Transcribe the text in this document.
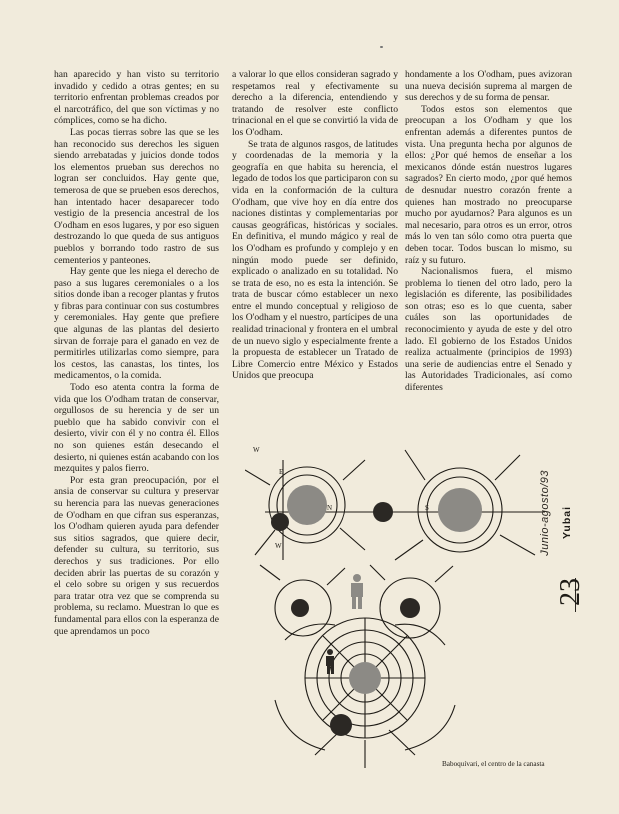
han aparecido y han visto su territorio invadido y cedido a otras gentes; en su territorio enfrentan problemas creados por el narcotráfico, del que son víctimas y no cómplices, como se ha dicho.

Las pocas tierras sobre las que se les han reconocido sus derechos les siguen siendo arrebatadas y juicios donde todos los elementos prueban sus derechos no logran ser concluidos. Hay gente que, temerosa de que se prueben esos derechos, han intentado hacer desaparecer todo vestigio de la presencia ancestral de los O'odham en esos lugares, y por eso siguen destrozando lo que queda de sus antiguos pueblos y borrando todo rastro de sus cementerios y panteones.

Hay gente que les niega el derecho de paso a sus lugares ceremoniales o a los sitios donde iban a recoger plantas y frutos y fibras para continuar con sus costumbres y ceremoniales. Hay gente que prefiere que algunas de las plantas del desierto sirvan de forraje para el ganado en vez de permitirles utilizarlas como siempre, para los cestos, las canastas, los tintes, los medicamentos, o la comida.

Todo eso atenta contra la forma de vida que los O'odham tratan de conservar, orgullosos de su herencia y de ser un pueblo que ha sabido convivir con el desierto, vivir con él y no contra él. Ellos no son quienes están desecando el desierto, ni quienes están acabando con los mezquites y palos fierro.

Por esta gran preocupación, por el ansia de conservar su cultura y preservar su herencia para las nuevas generaciones de O'odham en que cifran sus esperanzas, los O'odham quieren ayuda para defender sus sitios sagrados, que quiere decir, defender su cultura, su territorio, sus derechos y sus tradiciones. Por ello deciden abrir las puertas de su corazón y el celo sobre su origen y sus recuerdos para tratar otra vez que se comprenda su problema, su reclamo. Muestran lo que es fundamental para ellos con la esperanza de que aprendamos un poco

a valorar lo que ellos consideran sagrado y respetamos real y efectivamente su derecho a la diferencia, entendiendo y tratando de resolver este conflicto trinacional en el que se convirtió la vida de los O'odham.

Se trata de algunos rasgos, de latitudes y coordenadas de la memoria y la geografía en que habita su herencia, el legado de todos los que participaron con su vida en la conformación de la cultura O'odham, que vive hoy en día entre dos naciones distintas y complementarias por causas geográficas, históricas y sociales. En definitiva, el mundo mágico y real de los O'odham es profundo y complejo y en ningún modo puede ser definido, explicado o analizado en su totalidad. No se trata de eso, no es esta la intención. Se trata de buscar cómo establecer un nexo entre el mundo conceptual y religioso de los O'odham y el nuestro, partícipes de una realidad trinacional y frontera en el umbral de un nuevo siglo y especialmente frente a la propuesta de establecer un Tratado de Libre Comercio entre México y Estados Unidos que preocupa

hondamente a los O'odham, pues avizoran una nueva decisión suprema al margen de sus derechos y de su forma de pensar.

Todos estos son elementos que preocupan a los O'odham y que los enfrentan además a diferentes puntos de vista. Una pregunta hecha por algunos de ellos: ¿Por qué hemos de enseñar a los mexicanos dónde están nuestros lugares sagrados? En cierto modo, ¿por qué hemos de desnudar nuestro corazón frente a quienes han mostrado no preocuparse mucho por ayudarnos? Para algunos es un mal necesario, para otros es un error, otros más lo ven tan sólo como otra puerta que deben tocar. Todos buscan lo mismo, su raíz y su futuro.

Nacionalismos fuera, el mismo problema lo tienen del otro lado, pero la legislación es diferente, las posibilidades son otras; eso es lo que cuenta, saber cuáles son las oportunidades de reconocimiento y ayuda de este y del otro lado. El gobierno de los Estados Unidos realiza actualmente (principios de 1993) una serie de audiencias entre el Senado y las Autoridades Tradicionales, así como diferentes

E
W
W
N	S
Baboquívari, el centro de la canasta
Junio-agosto/93 Yubai
23
